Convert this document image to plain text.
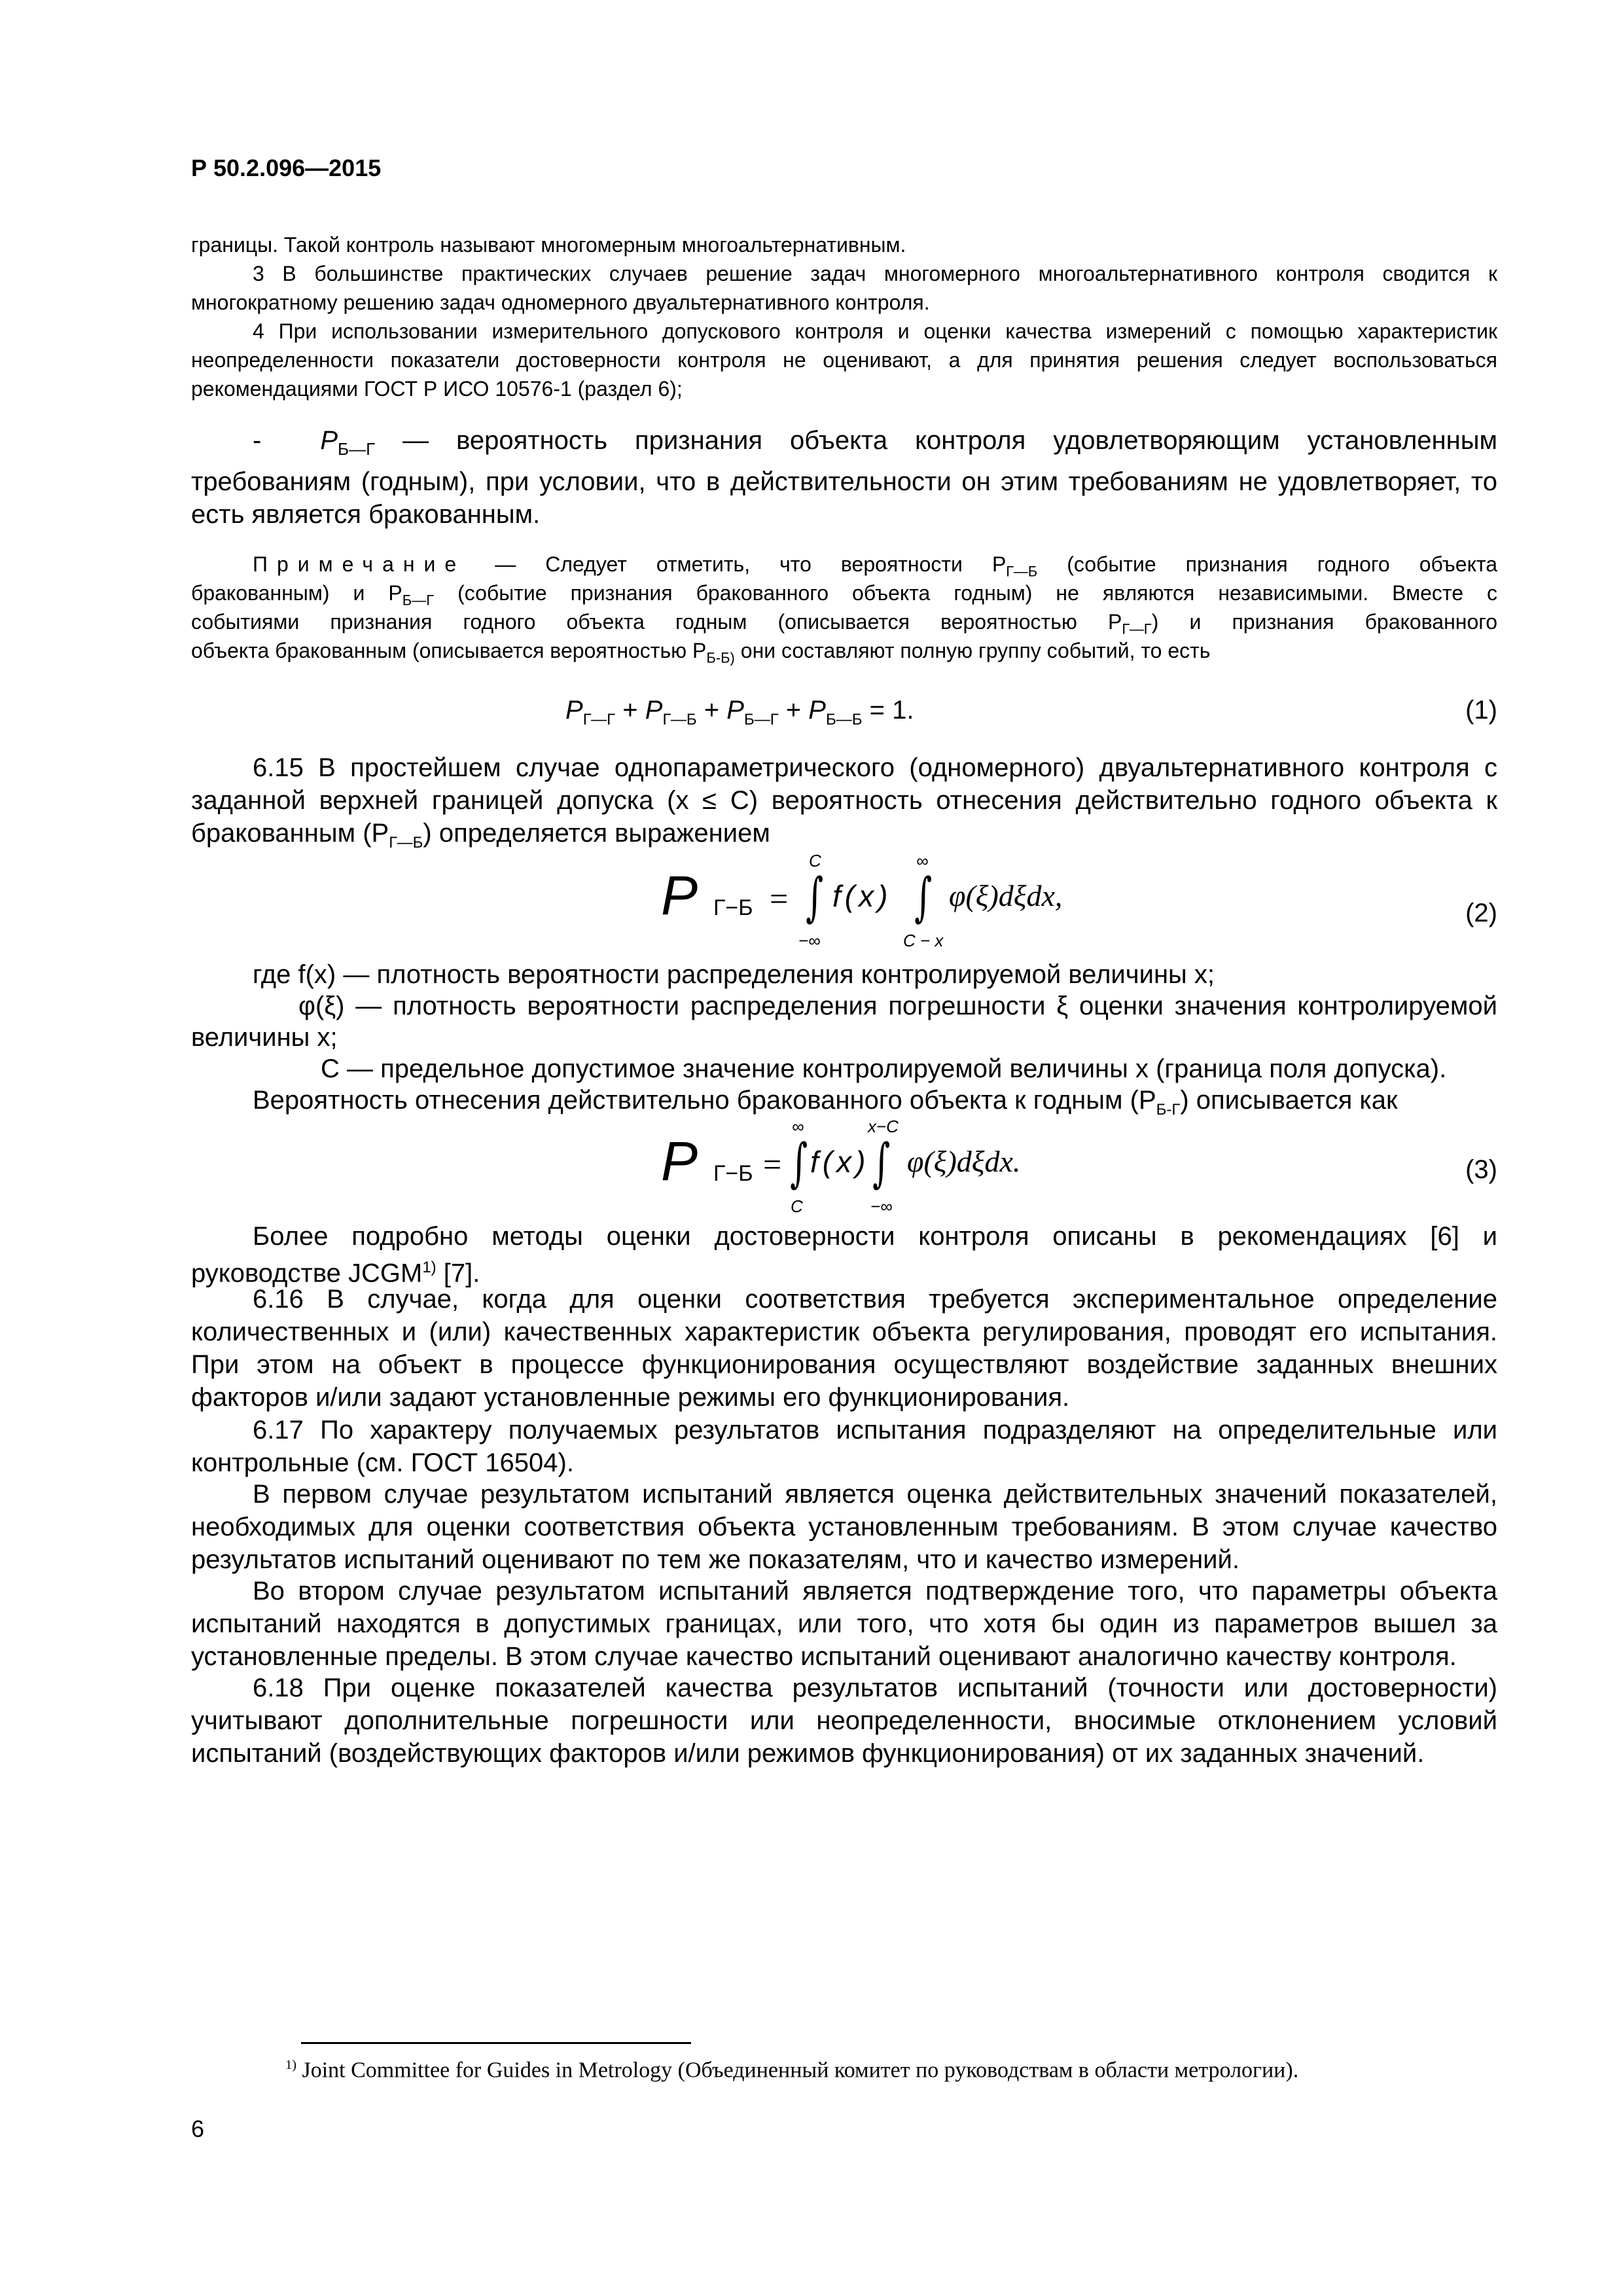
Р 50.2.096—2015
границы. Такой контроль называют многомерным многоальтернативным.
3 В большинстве практических случаев решение задач многомерного многоальтернативного контроля сводится к многократному решению задач одномерного двуальтернативного контроля.
4 При использовании измерительного допускового контроля и оценки качества измерений с помощью характеристик неопределенности показатели достоверности контроля не оценивают, а для принятия решения следует воспользоваться рекомендациями ГОСТ Р ИСО 10576-1 (раздел 6);
- $P_{Б—Г}$ — вероятность признания объекта контроля удовлетворяющим установленным требованиям (годным), при условии, что в действительности он этим требованиям не удовлетворяет, то есть является бракованным.
Примечание — Следует отметить, что вероятности $P_{Г—Б}$ (событие признания годного объекта
бракованным) и $P_{Б—Г}$ (событие признания бракованного объекта годным) не являются независимыми. Вместе с
событиями признания годного объекта годным (описывается вероятностью $P_{Г—Г}$) и признания бракованного
объекта бракованным (описывается вероятностью $P_{Б-Б)}$ они составляют полную группу событий, то есть
$P_{Г—Г} + P_{Г—Б} + P_{Б—Г} + P_{Б—Б} = 1$.	(1)
6.15 В простейшем случае однопараметрического (одномерного) двуальтернативного контроля с
заданной верхней границей допуска (x ≤ C) вероятность отнесения действительно годного объекта к
бракованным $(P_{Г—Б})$ определяется выражением
P Г−Б =
C
∫
−∞
f(x)
∞
∫
C − x
φ(ξ)dξdx,
(2)
где f(x) — плотность вероятности распределения контролируемой величины x;
φ(ξ) — плотность вероятности распределения погрешности ξ оценки значения контролируемой
величины x;
C — предельное допустимое значение контролируемой величины x (граница поля допуска).
Вероятность отнесения действительно бракованного объекта к годным $(P_{Б-Г})$ описывается как
P Г−Б =
∞
∫
C
f(x)
x−C
∫
−∞
φ(ξ)dξdx.	(3)
Более подробно методы оценки достоверности контроля описаны в рекомендациях [6] и
руководстве JCGM$^{1)}$ [7].
6.16 В случае, когда для оценки соответствия требуется экспериментальное определение количественных и (или) качественных характеристик объекта регулирования, проводят его испытания. При этом на объект в процессе функционирования осуществляют воздействие заданных внешних факторов и/или задают установленные режимы его функционирования.
6.17 По характеру получаемых результатов испытания подразделяют на определительные или контрольные (см. ГОСТ 16504).
В первом случае результатом испытаний является оценка действительных значений показателей, необходимых для оценки соответствия объекта установленным требованиям. В этом случае качество результатов испытаний оценивают по тем же показателям, что и качество измерений.
Во втором случае результатом испытаний является подтверждение того, что параметры объекта испытаний находятся в допустимых границах, или того, что хотя бы один из параметров вышел за установленные пределы. В этом случае качество испытаний оценивают аналогично качеству контроля.
6.18 При оценке показателей качества результатов испытаний (точности или достоверности) учитывают дополнительные погрешности или неопределенности, вносимые отклонением условий испытаний (воздействующих факторов и/или режимов функционирования) от их заданных значений.
$^{1)}$ Joint Committee for Guides in Metrology (Объединенный комитет по руководствам в области метрологии).
6
